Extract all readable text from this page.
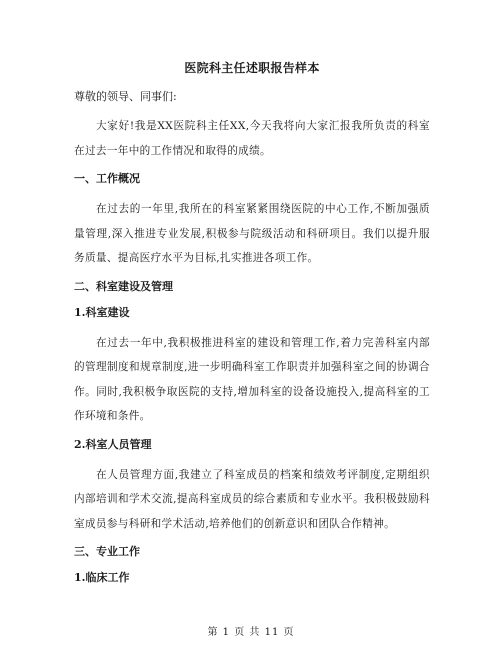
医院科主任述职报告样本
尊敬的领导、同事们:
大家好!我是XX医院科主任XX,今天我将向大家汇报我所负责的科室在过去一年中的工作情况和取得的成绩。
一、工作概况
在过去的一年里,我所在的科室紧紧围绕医院的中心工作,不断加强质量管理,深入推进专业发展,积极参与院级活动和科研项目。我们以提升服务质量、提高医疗水平为目标,扎实推进各项工作。
二、科室建设及管理
1.科室建设
在过去一年中,我积极推进科室的建设和管理工作,着力完善科室内部的管理制度和规章制度,进一步明确科室工作职责并加强科室之间的协调合作。同时,我积极争取医院的支持,增加科室的设备设施投入,提高科室的工作环境和条件。
2.科室人员管理
在人员管理方面,我建立了科室成员的档案和绩效考评制度,定期组织内部培训和学术交流,提高科室成员的综合素质和专业水平。我积极鼓励科室成员参与科研和学术活动,培养他们的创新意识和团队合作精神。
三、专业工作
1.临床工作
第 1 页 共 11 页
